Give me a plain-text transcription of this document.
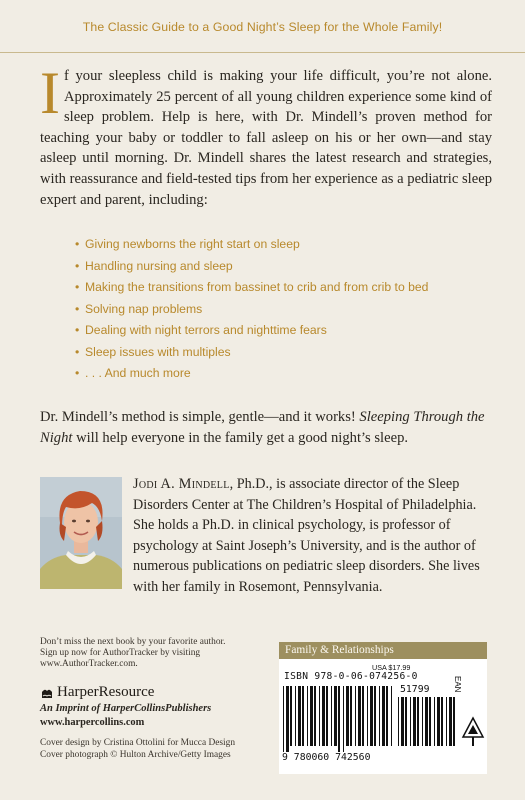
The Classic Guide to a Good Night’s Sleep for the Whole Family!
If your sleepless child is making your life difficult, you’re not alone. Approximately 25 percent of all young children experience some kind of sleep problem. Help is here, with Dr. Mindell’s proven method for teaching your baby or toddler to fall asleep on his or her own—and stay asleep until morning. Dr. Mindell shares the latest research and strategies, with reassurance and field-tested tips from her experience as a pediatric sleep expert and parent, including:
• Giving newborns the right start on sleep
• Handling nursing and sleep
• Making the transitions from bassinet to crib and from crib to bed
• Solving nap problems
• Dealing with night terrors and nighttime fears
• Sleep issues with multiples
• . . . And much more
Dr. Mindell’s method is simple, gentle—and it works! Sleeping Through the Night will help everyone in the family get a good night’s sleep.
Jodi A. Mindell, Ph.D., is associate director of the Sleep Disorders Center at The Children’s Hospital of Philadelphia. She holds a Ph.D. in clinical psychology, is professor of psychology at Saint Joseph’s University, and is the author of numerous publications on pediatric sleep disorders. She lives with her family in Rosemont, Pennsylvania.
Don’t miss the next book by your favorite author.
Sign up now for AuthorTracker by visiting
www.AuthorTracker.com.
HarperResource
An Imprint of HarperCollinsPublishers
www.harpercollins.com
Cover design by Cristina Ottolini for Mucca Design
Cover photograph © Hulton Archive/Getty Images
Family & Relationships
USA $17.99
ISBN 978-0-06-074256-0
51799	EAN
9 780060 742560
